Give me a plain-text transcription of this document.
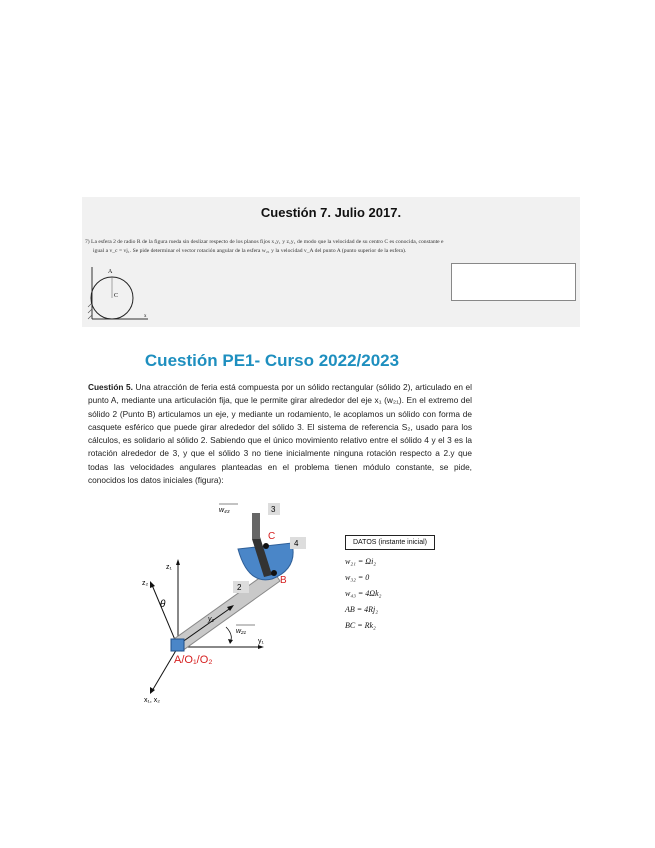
Cuestión 7. Julio 2017.
7) La esfera 2 de radio R de la figura rueda sin deslizar respecto de los planos fijos x₁y₁ y z₁y₁ de modo que la velocidad de su centro C es conocida, constante e
igual a v_c = vj₁. Se pide determinar el vector rotación angular de la esfera w₂₁ y la velocidad v_A del punto A (punto superior de la esfera).
C
A
x
Cuestión PE1- Curso 2022/2023
Cuestión 5. Una atracción de feria está compuesta por un sólido rectangular (sólido 2), articulado en el punto A, mediante una articulación fija, que le permite girar alrededor del eje x₁ (w₂₁). En el extremo del sólido 2 (Punto B) articulamos un eje, y mediante un rodamiento, le acoplamos un sólido con forma de casquete esférico que puede girar alrededor del sólido 3. El sistema de referencia S₂, usado para los cálculos, es solidario al sólido 2. Sabiendo que el único movimiento relativo entre el sólido 4 y el 3 es la rotación alrededor de 3, y que el sólido 3 no tiene inicialmente ninguna rotación respecto a 2.y que todas las velocidades angulares planteadas en el problema tienen módulo constante, se pide, conocidos los datos iniciales (figura):
3
4
2
w₄₃
C
B
z₁
z₂
θ
y₂
y₁
w₂₁
A/O₁/O₂
x₁, x₂
DATOS (instante inicial)
w₂₁ = Ωi₂
w₃₂ = 0
w₄₃ = 4Ωk₂
AB = 4Rj₂
BC = Rk₂
